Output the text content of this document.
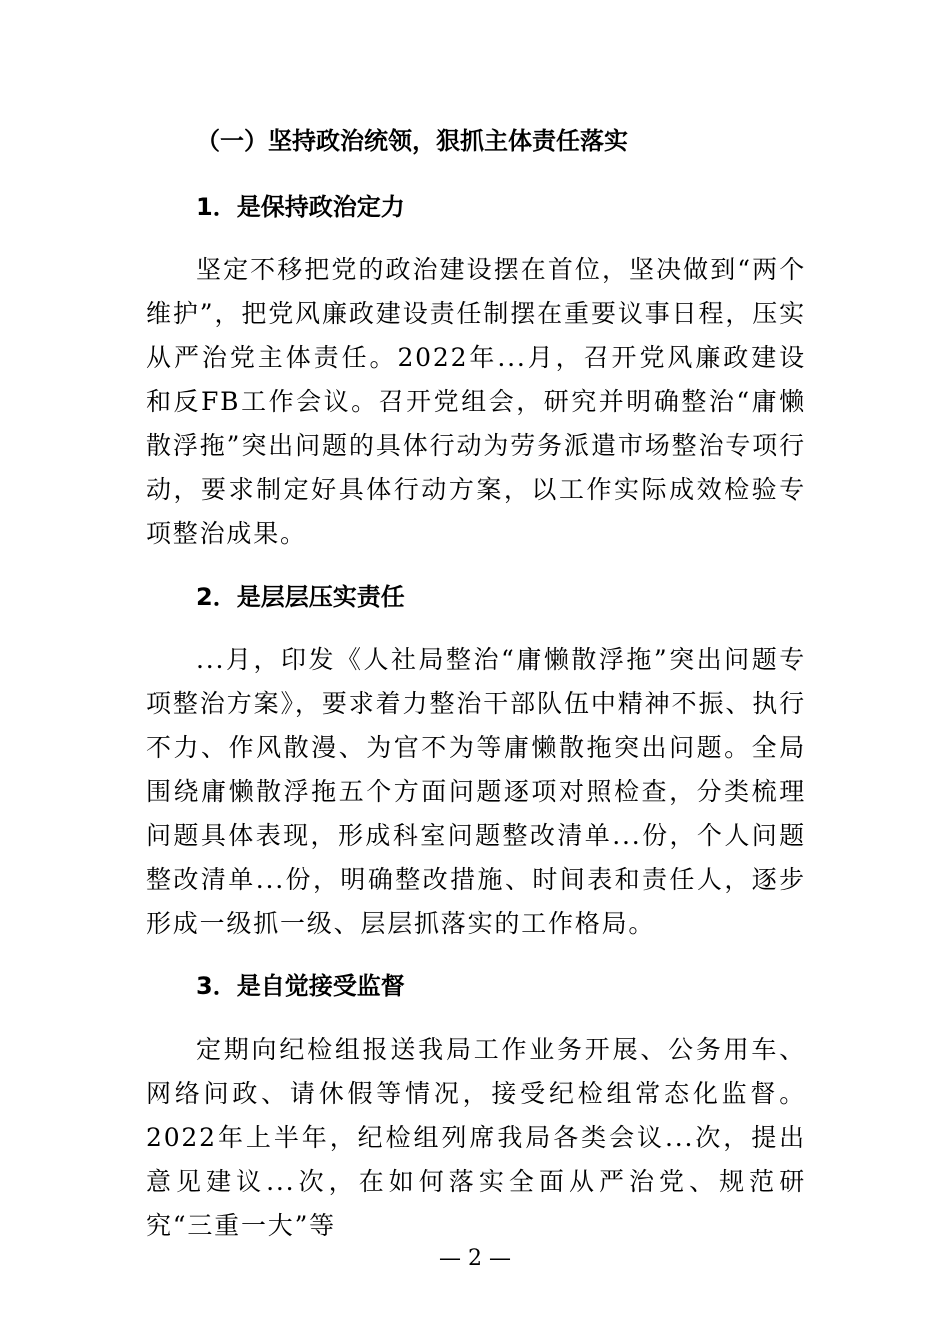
（一）坚持政治统领，狠抓主体责任落实
1．是保持政治定力
坚定不移把党的政治建设摆在首位，坚决做到“两个维护”，把党风廉政建设责任制摆在重要议事日程，压实从严治党主体责任。2022年...月，召开党风廉政建设和反FB工作会议。召开党组会，研究并明确整治“庸懒散浮拖”突出问题的具体行动为劳务派遣市场整治专项行动，要求制定好具体行动方案，以工作实际成效检验专项整治成果。
2．是层层压实责任
...月，印发《人社局整治“庸懒散浮拖”突出问题专项整治方案》，要求着力整治干部队伍中精神不振、执行不力、作风散漫、为官不为等庸懒散拖突出问题。全局围绕庸懒散浮拖五个方面问题逐项对照检查，分类梳理问题具体表现，形成科室问题整改清单...份，个人问题整改清单...份，明确整改措施、时间表和责任人，逐步形成一级抓一级、层层抓落实的工作格局。
3．是自觉接受监督
定期向纪检组报送我局工作业务开展、公务用车、网络问政、请休假等情况，接受纪检组常态化监督。2022年上半年，纪检组列席我局各类会议...次，提出意见建议...次，在如何落实全面从严治党、规范研究“三重一大”等
— 2 —
